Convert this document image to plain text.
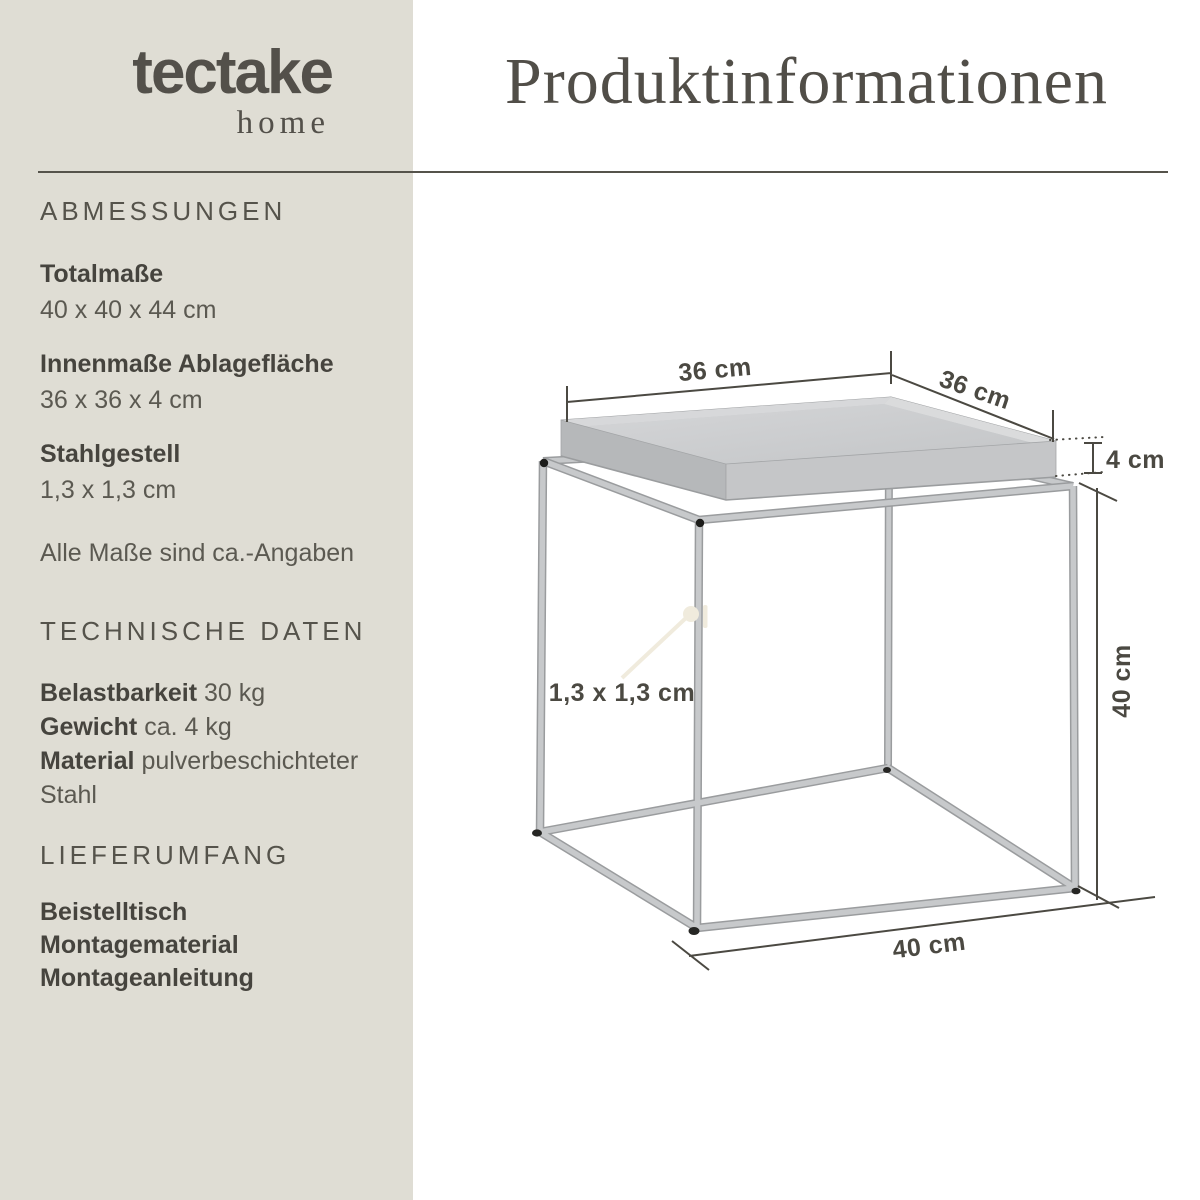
tectake
home
ABMESSUNGEN
Totalmaße
40 x 40 x 44 cm
Innenmaße Ablagefläche
36 x 36 x 4 cm
Stahlgestell
1,3 x 1,3 cm
Alle Maße sind ca.-Angaben
TECHNISCHE DATEN
Belastbarkeit 30 kg
Gewicht ca. 4 kg
Material pulverbeschichteter Stahl
LIEFERUMFANG
Beistelltisch
Montagematerial
Montageanleitung
Produktinformationen
36 cm	36 cm
4 cm
40 cm
40 cm
1,3 x 1,3 cm
